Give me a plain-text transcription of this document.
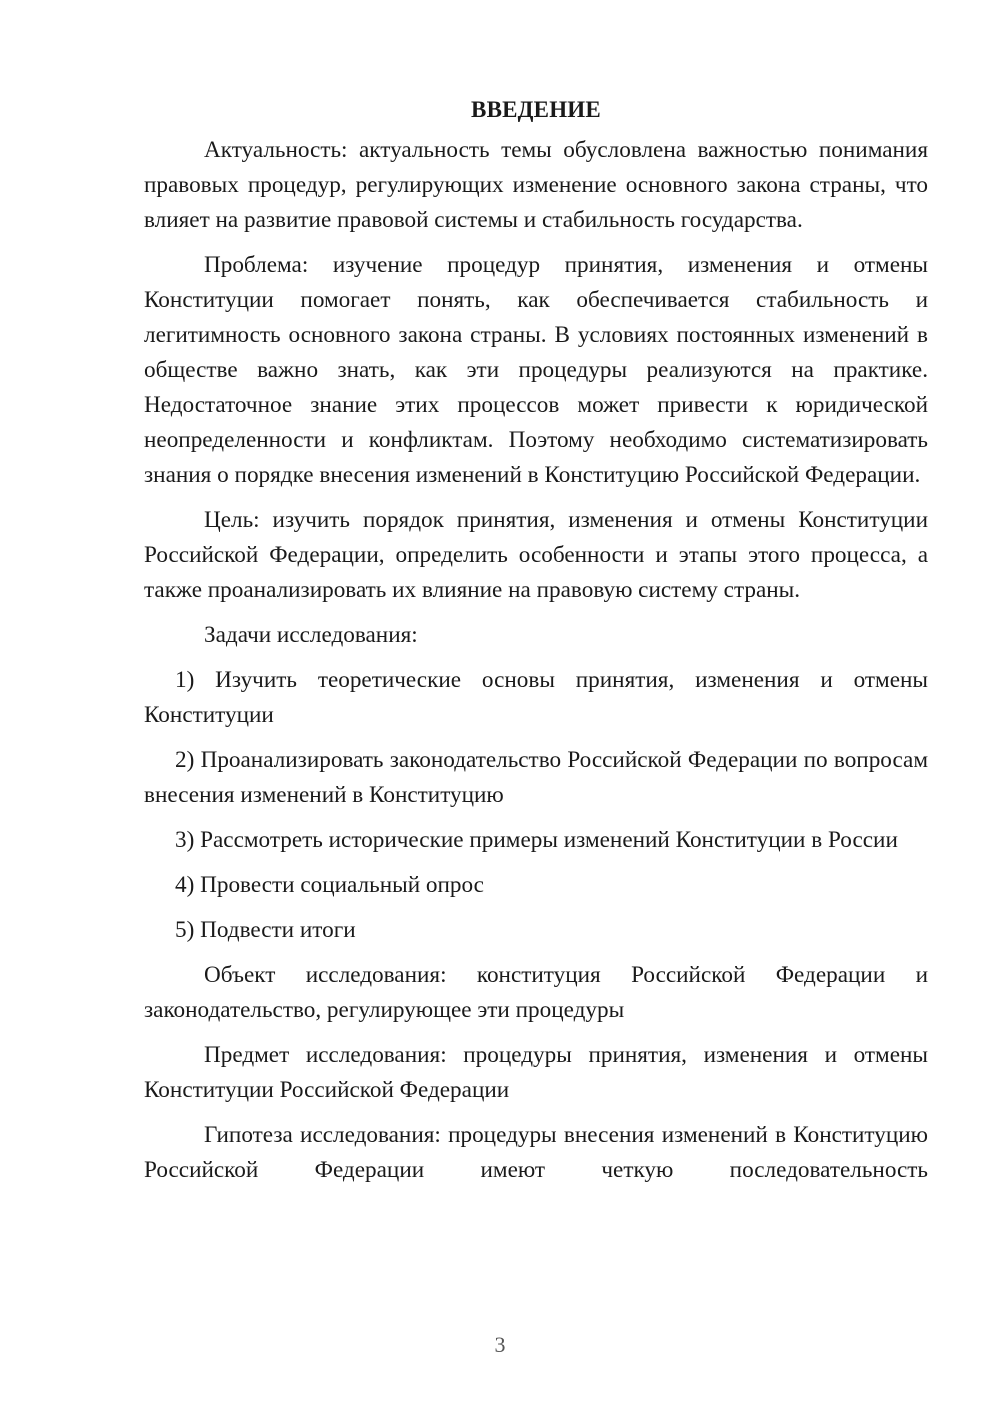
ВВЕДЕНИЕ

Актуальность: актуальность темы обусловлена важностью понимания правовых процедур, регулирующих изменение основного закона страны, что влияет на развитие правовой системы и стабильность государства.

Проблема: изучение процедур принятия, изменения и отмены Конституции помогает понять, как обеспечивается стабильность и легитимность основного закона страны. В условиях постоянных изменений в обществе важно знать, как эти процедуры реализуются на практике. Недостаточное знание этих процессов может привести к юридической неопределенности и конфликтам. Поэтому необходимо систематизировать знания о порядке внесения изменений в Конституцию Российской Федерации.

Цель: изучить порядок принятия, изменения и отмены Конституции Российской Федерации, определить особенности и этапы этого процесса, а также проанализировать их влияние на правовую систему страны.

Задачи исследования:

1) Изучить теоретические основы принятия, изменения и отмены Конституции

2) Проанализировать законодательство Российской Федерации по вопросам внесения изменений в Конституцию

3) Рассмотреть исторические примеры изменений Конституции в России

4) Провести социальный опрос

5) Подвести итоги

Объект исследования: конституция Российской Федерации и законодательство, регулирующее эти процедуры

Предмет исследования: процедуры принятия, изменения и отмены Конституции Российской Федерации

Гипотеза исследования: процедуры внесения изменений в Конституцию Российской Федерации имеют четкую последовательность

3
